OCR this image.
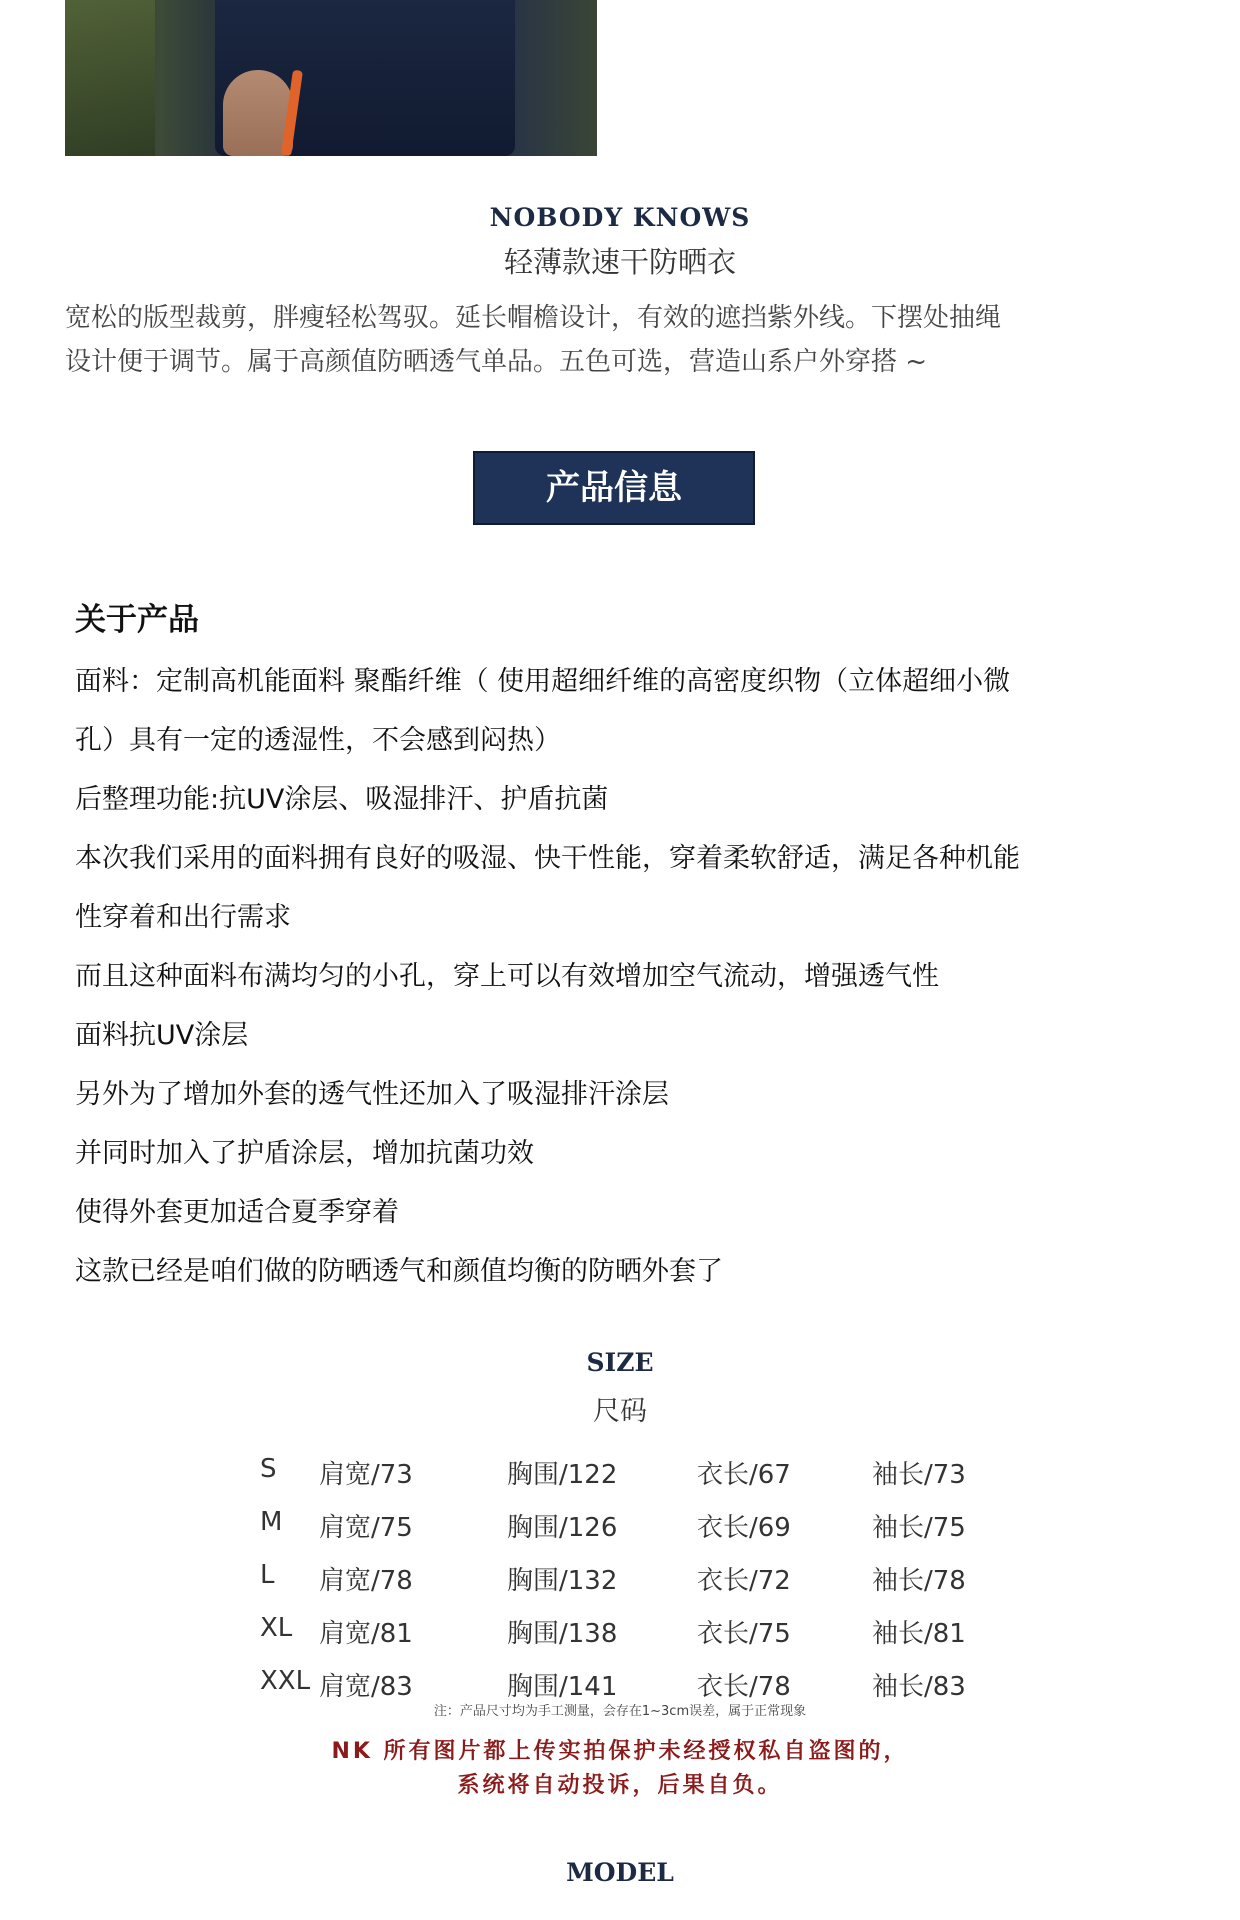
NOBODY KNOWS
轻薄款速干防晒衣
宽松的版型裁剪，胖瘦轻松驾驭。延长帽檐设计，有效的遮挡紫外线。下摆处抽绳
设计便于调节。属于高颜值防晒透气单品。五色可选，营造山系户外穿搭 ~
产品信息
关于产品
面料：定制高机能面料 聚酯纤维（ 使用超细纤维的高密度织物（立体超细小微
孔）具有一定的透湿性，不会感到闷热）
后整理功能:抗UV涂层、吸湿排汗、护盾抗菌
本次我们采用的面料拥有良好的吸湿、快干性能，穿着柔软舒适，满足各种机能
性穿着和出行需求
而且这种面料布满均匀的小孔，穿上可以有效增加空气流动，增强透气性
面料抗UV涂层
另外为了增加外套的透气性还加入了吸湿排汗涂层
并同时加入了护盾涂层，增加抗菌功效
使得外套更加适合夏季穿着
这款已经是咱们做的防晒透气和颜值均衡的防晒外套了
SIZE
尺码
S 肩宽/73	胸围/122	衣长/67	袖长/73
M 肩宽/75	胸围/126	衣长/69	袖长/75
L 肩宽/78	胸围/132	衣长/72	袖长/78
XL 肩宽/81	胸围/138	衣长/75	袖长/81
XXL 肩宽/83	胸围/141	衣长/78	袖长/83
注：产品尺寸均为手工测量，会存在1~3cm误差，属于正常现象
NK 所有图片都上传实拍保护未经授权私自盗图的，
系统将自动投诉，后果自负。
MODEL
